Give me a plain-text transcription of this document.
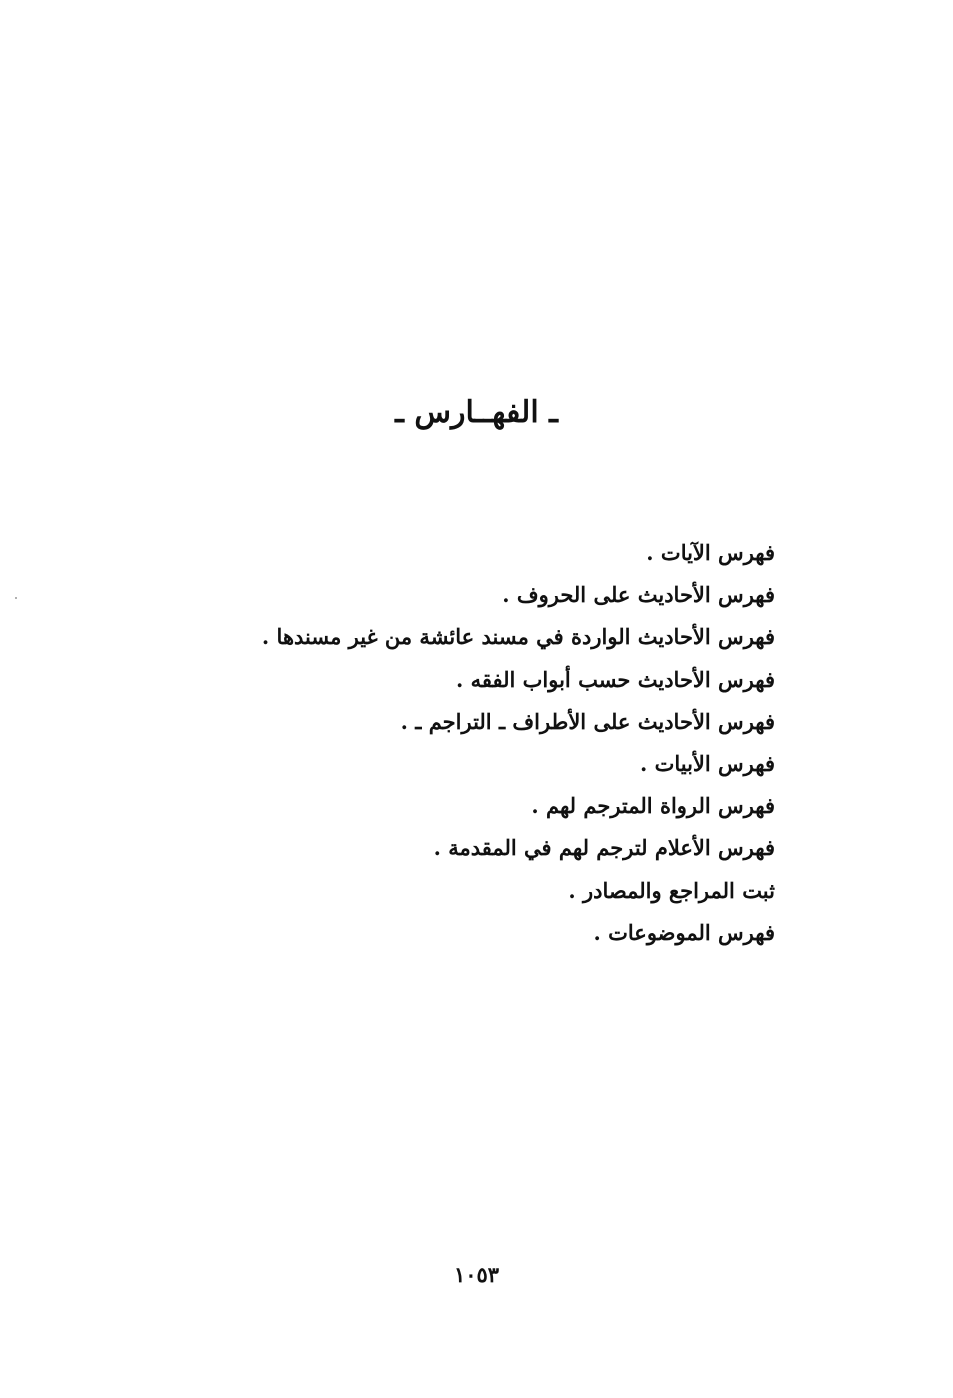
ـ الفهــارس ـ
فهرس الآيات .
فهرس الأحاديث على الحروف .
فهرس الأحاديث الواردة في مسند عائشة من غير مسندها .
فهرس الأحاديث حسب أبواب الفقه .
فهرس الأحاديث على الأطراف ـ التراجم ـ .
فهرس الأبيات .
فهرس الرواة المترجم لهم .
فهرس الأعلام لترجم لهم في المقدمة .
ثبت المراجع والمصادر .
فهرس الموضوعات .
١٠٥٣
